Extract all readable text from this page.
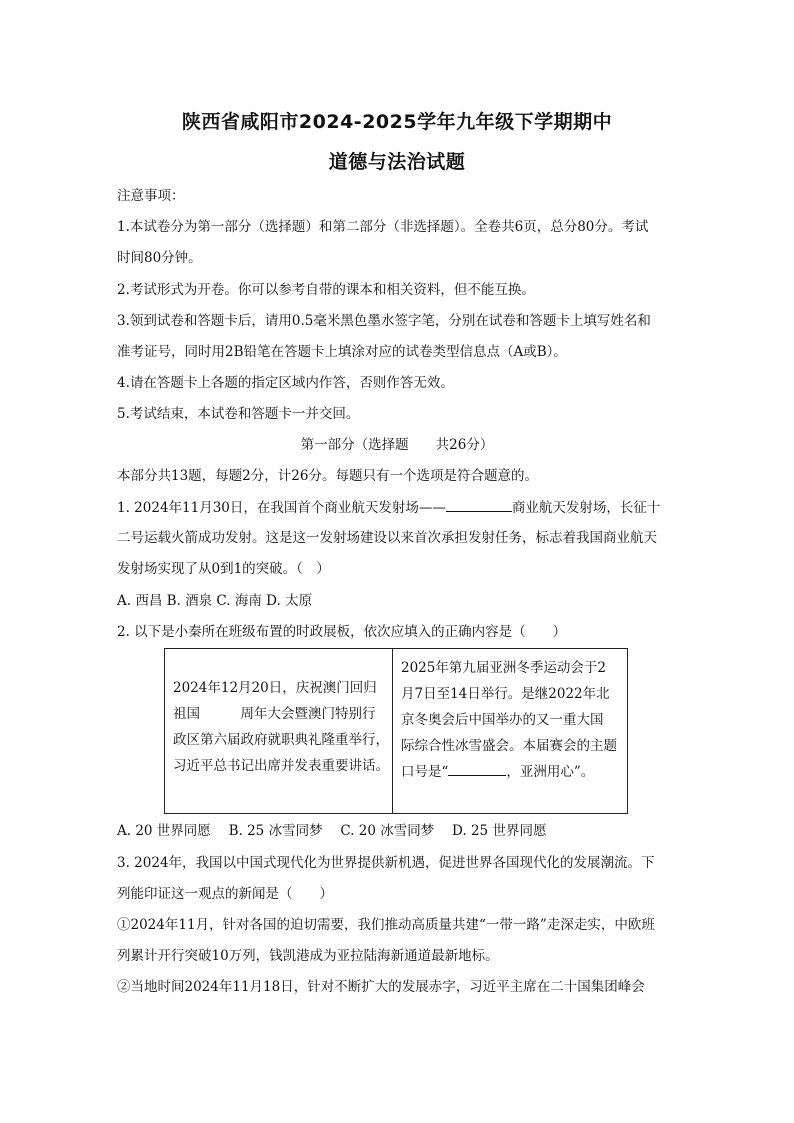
陕西省咸阳市2024-2025学年九年级下学期期中
道德与法治试题
注意事项：
1.本试卷分为第一部分（选择题）和第二部分（非选择题）。全卷共6页，总分80分。考试
时间80分钟。
2.考试形式为开卷。你可以参考自带的课本和相关资料，但不能互换。
3.领到试卷和答题卡后，请用0.5毫米黑色墨水签字笔，分别在试卷和答题卡上填写姓名和
准考证号，同时用2B铅笔在答题卡上填涂对应的试卷类型信息点（A或B）。
4.请在答题卡上各题的指定区域内作答，否则作答无效。
5.考试结束，本试卷和答题卡一并交回。
第一部分（选择题　　共26分）
本部分共13题，每题2分，计26分。每题只有一个选项是符合题意的。
1. 2024年11月30日，在我国首个商业航天发射场——	商业航天发射场，长征十
二号运载火箭成功发射。这是这一发射场建设以来首次承担发射任务，标志着我国商业航天
发射场实现了从0到1的突破。（　）
A. 西昌 B. 酒泉 C. 海南 D. 太原
2. 以下是小秦所在班级布置的时政展板，依次应填入的正确内容是（　　）
2024年12月20日，庆祝澳门回归
祖国　　　周年大会暨澳门特别行
政区第六届政府就职典礼隆重举行，
习近平总书记出席并发表重要讲话。
2025年第九届亚洲冬季运动会于2
月7日至14日举行。是继2022年北
京冬奥会后中国举办的又一重大国
际综合性冰雪盛会。本届赛会的主题
口号是“	，亚洲用心”。
A. 20 世界同愿　 B. 25 冰雪同梦　 C. 20 冰雪同梦　 D. 25 世界同愿
3. 2024年，我国以中国式现代化为世界提供新机遇，促进世界各国现代化的发展潮流。下
列能印证这一观点的新闻是（　　）
①2024年11月，针对各国的迫切需要，我们推动高质量共建“一带一路”走深走实，中欧班
列累计开行突破10万列，钱凯港成为亚拉陆海新通道最新地标。
②当地时间2024年11月18日，针对不断扩大的发展赤字，习近平主席在二十国集团峰会
